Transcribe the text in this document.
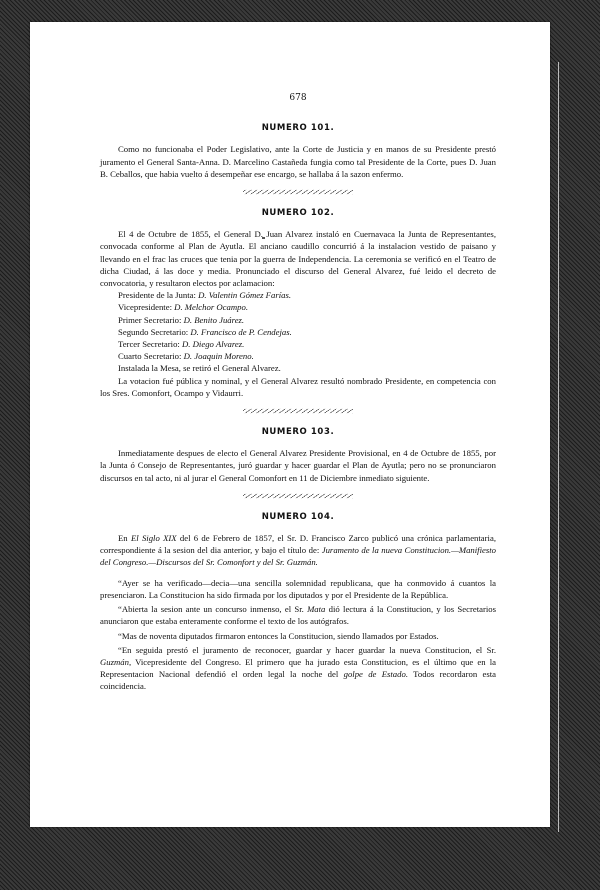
678
NUMERO 101.

Como no funcionaba el Poder Legislativo, ante la Corte de Justicia y en manos de su Presidente prestó juramento el General Santa-Anna. D. Marcelino Castañeda fungia como tal Presidente de la Corte, pues D. Juan B. Ceballos, que habia vuelto á desempeñar ese encargo, se hallaba á la sazon enfermo.

NUMERO 102.

El 4 de Octubre de 1855, el General D. Juan Alvarez instaló en Cuernavaca la Junta de Representantes, convocada conforme al Plan de Ayutla. El anciano caudillo concurrió á la instalacion vestido de paisano y llevando en el frac las cruces que tenia por la guerra de Independencia. La ceremonia se verificó en el Teatro de dicha Ciudad, á las doce y media. Pronunciado el discurso del General Alvarez, fué leido el decreto de convocatoria, y resultaron electos por aclamacion:

Presidente de la Junta: D. Valentin Gómez Farías.

Vicepresidente: D. Melchor Ocampo.

Primer Secretario: D. Benito Juárez.

Segundo Secretario: D. Francisco de P. Cendejas.

Tercer Secretario: D. Diego Alvarez.

Cuarto Secretario: D. Joaquin Moreno.

Instalada la Mesa, se retiró el General Alvarez.

La votacion fué pública y nominal, y el General Alvarez resultó nombrado Presidente, en competencia con los Sres. Comonfort, Ocampo y Vidaurri.

NUMERO 103.

Inmediatamente despues de electo el General Alvarez Presidente Provisional, en 4 de Octubre de 1855, por la Junta ó Consejo de Representantes, juró guardar y hacer guardar el Plan de Ayutla; pero no se pronunciaron discursos en tal acto, ni al jurar el General Comonfort en 11 de Diciembre inmediato siguiente.

NUMERO 104.

En El Siglo XIX del 6 de Febrero de 1857, el Sr. D. Francisco Zarco publicó una crónica parlamentaria, correspondiente á la sesion del dia anterior, y bajo el título de: Juramento de la nueva Constitucion.—Manifiesto del Congreso.—Discursos del Sr. Comonfort y del Sr. Guzmán.

“Ayer se ha verificado—decia—una sencilla solemnidad republicana, que ha conmovido á cuantos la presenciaron. La Constitucion ha sido firmada por los diputados y por el Presidente de la República.

“Abierta la sesion ante un concurso inmenso, el Sr. Mata dió lectura á la Constitucion, y los Secretarios anunciaron que estaba enteramente conforme el texto de los autógrafos.

“Mas de noventa diputados firmaron entonces la Constitucion, siendo llamados por Estados.

“En seguida prestó el juramento de reconocer, guardar y hacer guardar la nueva Constitucion, el Sr. Guzmán, Vicepresidente del Congreso. El primero que ha jurado esta Constitucion, es el último que en la Representacion Nacional defendió el orden legal la noche del golpe de Estado. Todos recordaron esta coincidencia.
